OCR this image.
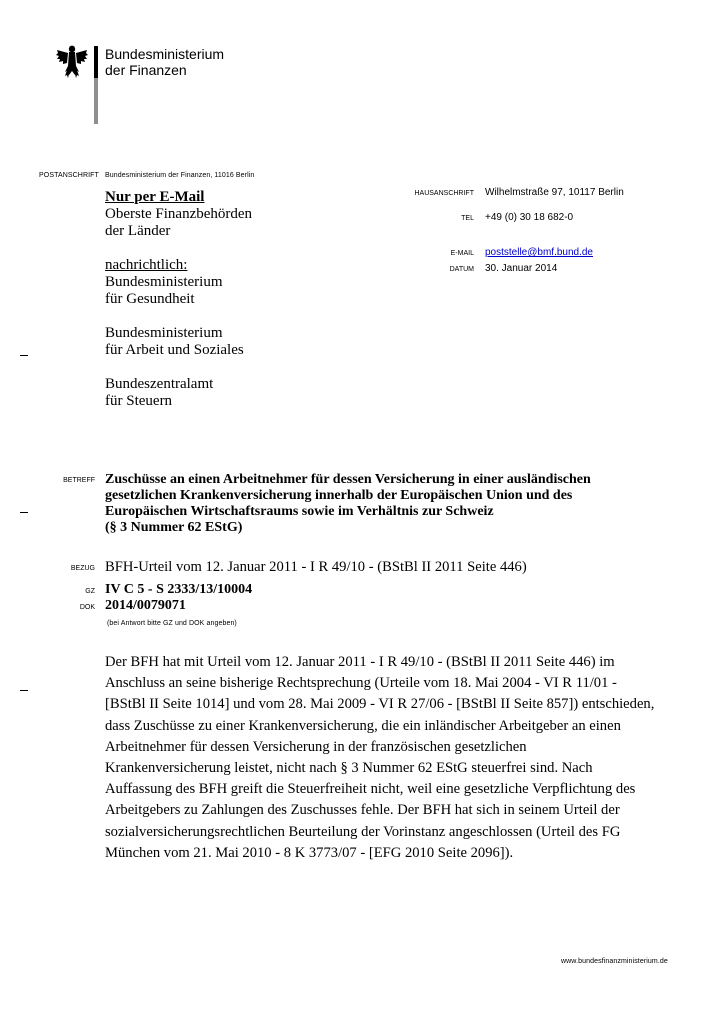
Bundesministerium
der Finanzen
POSTANSCHRIFT Bundesministerium der Finanzen, 11016 Berlin
Nur per E-Mail
Oberste Finanzbehörden
der Länder
nachrichtlich:
Bundesministerium
für Gesundheit
Bundesministerium
für Arbeit und Soziales
Bundeszentralamt
für Steuern
HAUSANSCHRIFT Wilhelmstraße 97, 10117 Berlin
TEL +49 (0) 30 18 682-0
E-MAIL poststelle@bmf.bund.de
DATUM 30. Januar 2014
BETREFF Zuschüsse an einen Arbeitnehmer für dessen Versicherung in einer ausländischen
gesetzlichen Krankenversicherung innerhalb der Europäischen Union und des
Europäischen Wirtschaftsraums sowie im Verhältnis zur Schweiz
(§ 3 Nummer 62 EStG)
BEZUG BFH-Urteil vom 12. Januar 2011 - I R 49/10 - (BStBl II 2011 Seite 446)
GZ IV C 5 - S 2333/13/10004
DOK 2014/0079071
(bei Antwort bitte GZ und DOK angeben)
Der BFH hat mit Urteil vom 12. Januar 2011 - I R 49/10 - (BStBl II 2011 Seite 446) im
Anschluss an seine bisherige Rechtsprechung (Urteile vom 18. Mai 2004 - VI R 11/01 -
[BStBl II Seite 1014] und vom 28. Mai 2009 - VI R 27/06 - [BStBl II Seite 857]) entschieden,
dass Zuschüsse zu einer Krankenversicherung, die ein inländischer Arbeitgeber an einen
Arbeitnehmer für dessen Versicherung in der französischen gesetzlichen
Krankenversicherung leistet, nicht nach § 3 Nummer 62 EStG steuerfrei sind. Nach
Auffassung des BFH greift die Steuerfreiheit nicht, weil eine gesetzliche Verpflichtung des
Arbeitgebers zu Zahlungen des Zuschusses fehle. Der BFH hat sich in seinem Urteil der
sozialversicherungsrechtlichen Beurteilung der Vorinstanz angeschlossen (Urteil des FG
München vom 21. Mai 2010 - 8 K 3773/07 - [EFG 2010 Seite 2096]).
www.bundesfinanzministerium.de
